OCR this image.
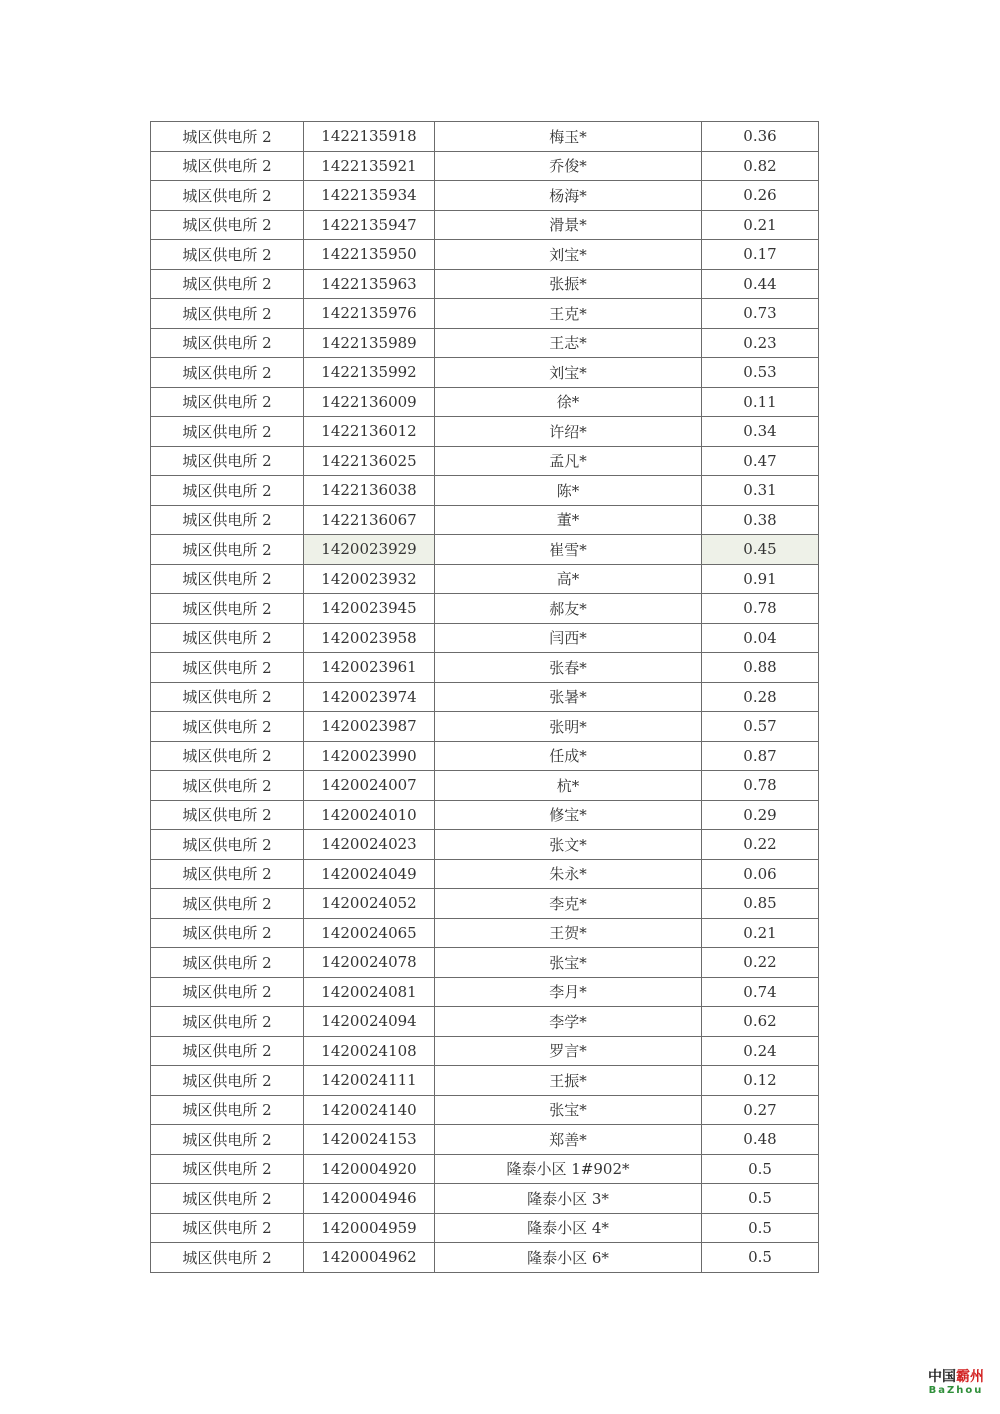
城区供电所 2	1422135918	梅玉*	0.36
城区供电所 2	1422135921	乔俊*	0.82
城区供电所 2	1422135934	杨海*	0.26
城区供电所 2	1422135947	滑景*	0.21
城区供电所 2	1422135950	刘宝*	0.17
城区供电所 2	1422135963	张振*	0.44
城区供电所 2	1422135976	王克*	0.73
城区供电所 2	1422135989	王志*	0.23
城区供电所 2	1422135992	刘宝*	0.53
城区供电所 2	1422136009	徐*	0.11
城区供电所 2	1422136012	许绍*	0.34
城区供电所 2	1422136025	孟凡*	0.47
城区供电所 2	1422136038	陈*	0.31
城区供电所 2	1422136067	董*	0.38
城区供电所 2	1420023929	崔雪*	0.45
城区供电所 2	1420023932	高*	0.91
城区供电所 2	1420023945	郝友*	0.78
城区供电所 2	1420023958	闫西*	0.04
城区供电所 2	1420023961	张春*	0.88
城区供电所 2	1420023974	张暑*	0.28
城区供电所 2	1420023987	张明*	0.57
城区供电所 2	1420023990	任成*	0.87
城区供电所 2	1420024007	杭*	0.78
城区供电所 2	1420024010	修宝*	0.29
城区供电所 2	1420024023	张文*	0.22
城区供电所 2	1420024049	朱永*	0.06
城区供电所 2	1420024052	李克*	0.85
城区供电所 2	1420024065	王贺*	0.21
城区供电所 2	1420024078	张宝*	0.22
城区供电所 2	1420024081	李月*	0.74
城区供电所 2	1420024094	李学*	0.62
城区供电所 2	1420024108	罗言*	0.24
城区供电所 2	1420024111	王振*	0.12
城区供电所 2	1420024140	张宝*	0.27
城区供电所 2	1420024153	郑善*	0.48
城区供电所 2	1420004920	隆泰小区 1#902*	0.5
城区供电所 2	1420004946	隆泰小区 3*	0.5
城区供电所 2	1420004959	隆泰小区 4*	0.5
城区供电所 2	1420004962	隆泰小区 6*	0.5
中国霸州
BaZhou
